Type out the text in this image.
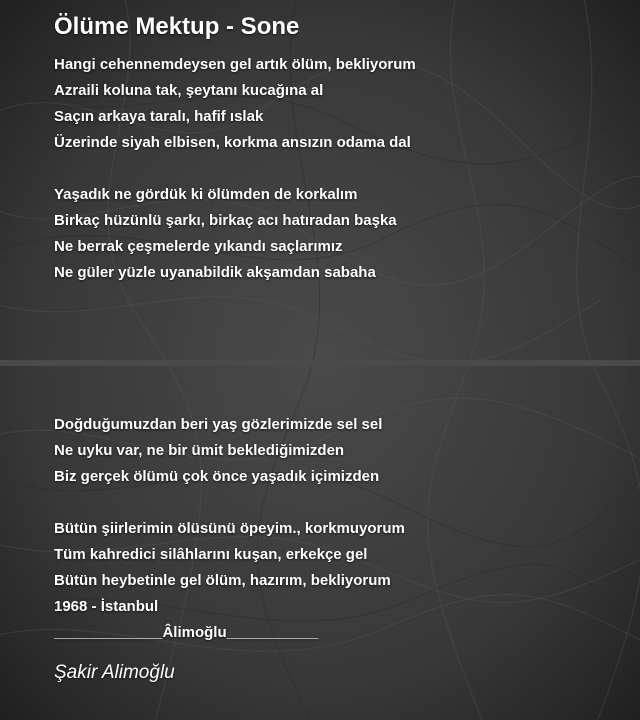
Ölüme Mektup - Sone
Hangi cehennemdeysen gel artık ölüm, bekliyorum
Azraili koluna tak, şeytanı kucağına al
Saçın arkaya taralı, hafif ıslak
Üzerinde siyah elbisen, korkma ansızın odama dal
Yaşadık ne gördük ki ölümden de korkalım
Birkaç hüzünlü şarkı, birkaç acı hatıradan başka
Ne berrak çeşmelerde yıkandı saçlarımız
Ne güler yüzle uyanabildik akşamdan sabaha
Doğduğumuzdan beri yaş gözlerimizde sel sel
Ne uyku var, ne bir ümit beklediğimizden
Biz gerçek ölümü çok önce yaşadık içimizden
Bütün şiirlerimin ölüsünü öpeyim., korkmuyorum
Tüm kahredici silâhlarını kuşan, erkekçe gel
Bütün heybetinle gel ölüm, hazırım, bekliyorum
1968 - İstanbul
_____________Âlimoğlu___________
Şakir Alimoğlu
